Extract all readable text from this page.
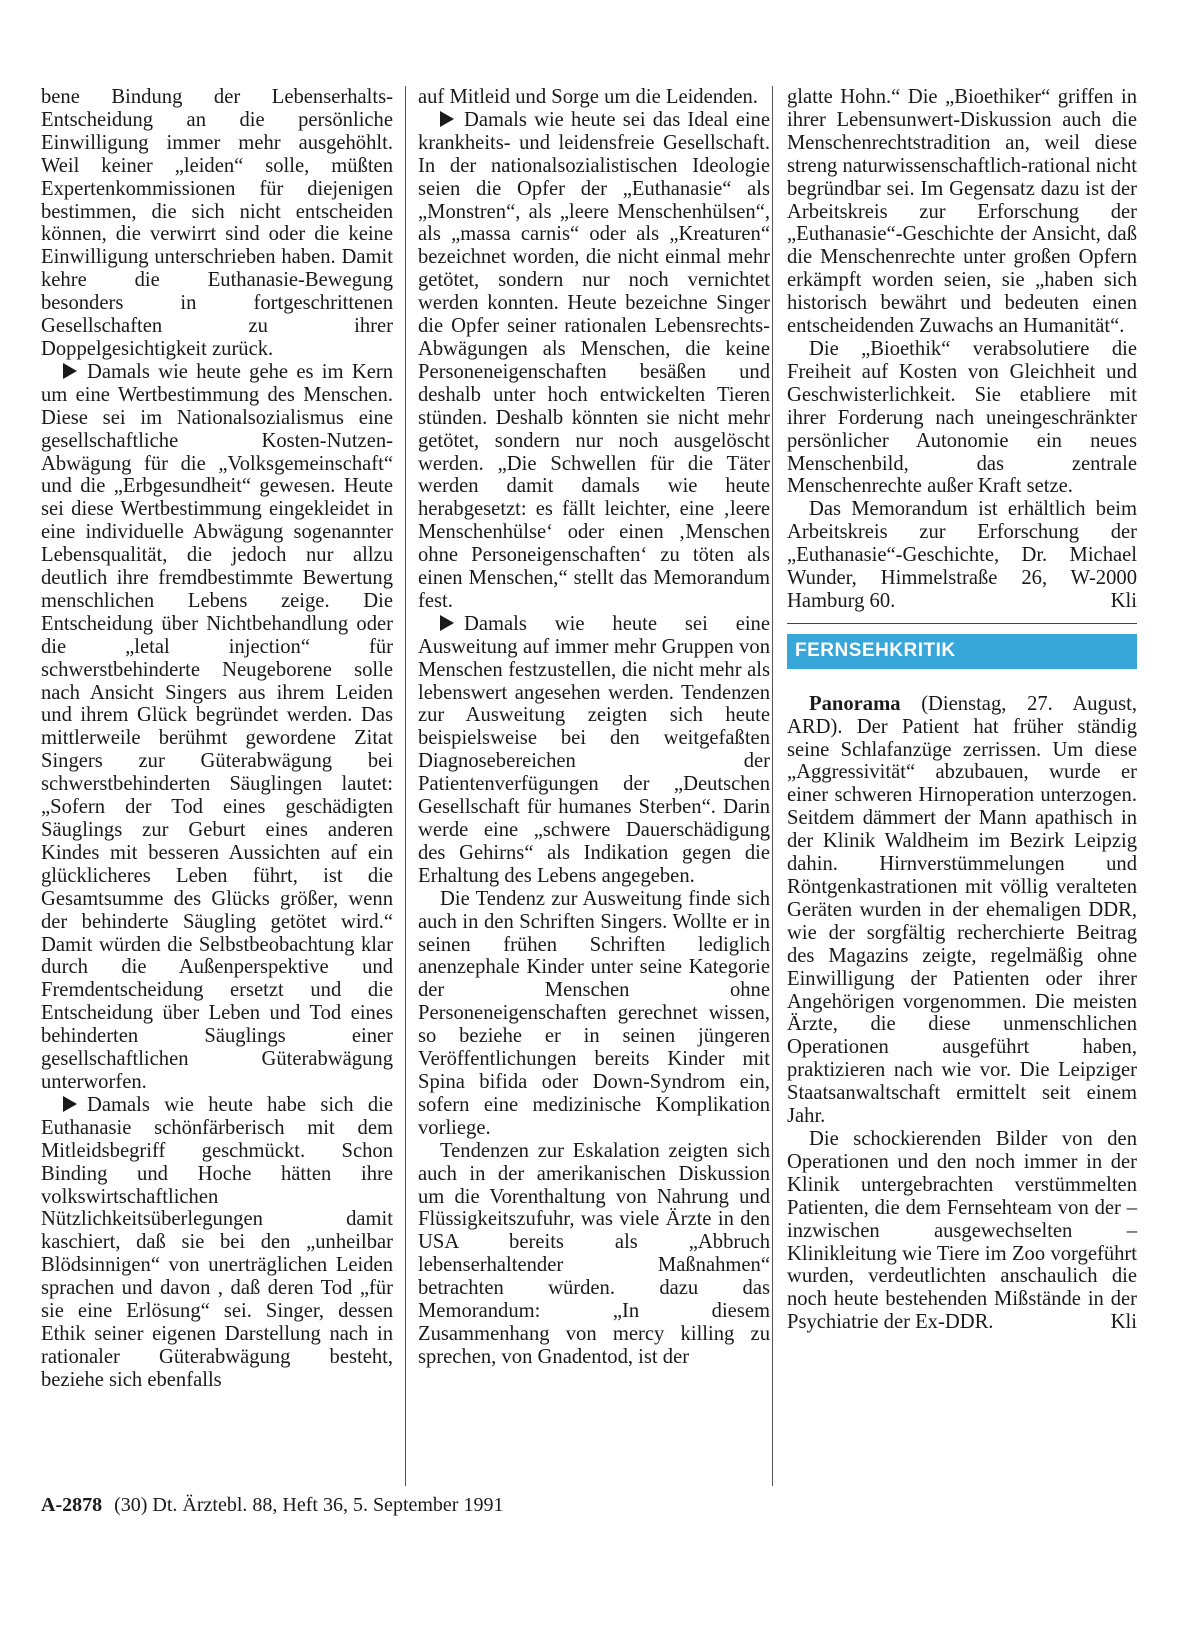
bene Bindung der Lebenserhalts-Entscheidung an die persönliche Einwilligung immer mehr ausgehöhlt. Weil keiner „leiden“ solle, müßten Expertenkommissionen für diejenigen bestimmen, die sich nicht entscheiden können, die verwirrt sind oder die keine Einwilligung unterschrieben haben. Damit kehre die Euthanasie-Bewegung besonders in fortgeschrittenen Gesellschaften zu ihrer Doppelgesichtigkeit zurück.

Damals wie heute gehe es im Kern um eine Wertbestimmung des Menschen. Diese sei im Nationalsozialismus eine gesellschaftliche Kosten-Nutzen-Abwägung für die „Volksgemeinschaft“ und die „Erbgesundheit“ gewesen. Heute sei diese Wertbestimmung eingekleidet in eine individuelle Abwägung sogenannter Lebensqualität, die jedoch nur allzu deutlich ihre fremdbestimmte Bewertung menschlichen Lebens zeige. Die Entscheidung über Nichtbehandlung oder die „letal injection“ für schwerstbehinderte Neugeborene solle nach Ansicht Singers aus ihrem Leiden und ihrem Glück begründet werden. Das mittlerweile berühmt gewordene Zitat Singers zur Güterabwägung bei schwerstbehinderten Säuglingen lautet: „Sofern der Tod eines geschädigten Säuglings zur Geburt eines anderen Kindes mit besseren Aussichten auf ein glücklicheres Leben führt, ist die Gesamtsumme des Glücks größer, wenn der behinderte Säugling getötet wird.“ Damit würden die Selbstbeobachtung klar durch die Außenperspektive und Fremdentscheidung ersetzt und die Entscheidung über Leben und Tod eines behinderten Säuglings einer gesellschaftlichen Güterabwägung unterworfen.

Damals wie heute habe sich die Euthanasie schönfärberisch mit dem Mitleidsbegriff geschmückt. Schon Binding und Hoche hätten ihre volkswirtschaftlichen Nützlichkeitsüberlegungen damit kaschiert, daß sie bei den „unheilbar Blödsinnigen“ von unerträglichen Leiden sprachen und davon , daß deren Tod „für sie eine Erlösung“ sei. Singer, dessen Ethik seiner eigenen Darstellung nach in rationaler Güterabwägung besteht, beziehe sich ebenfalls

auf Mitleid und Sorge um die Leidenden.

Damals wie heute sei das Ideal eine krankheits- und leidensfreie Gesellschaft. In der nationalsozialistischen Ideologie seien die Opfer der „Euthanasie“ als „Monstren“, als „leere Menschenhülsen“, als „massa carnis“ oder als „Kreaturen“ bezeichnet worden, die nicht einmal mehr getötet, sondern nur noch vernichtet werden konnten. Heute bezeichne Singer die Opfer seiner rationalen Lebensrechts-Abwägungen als Menschen, die keine Personeneigenschaften besäßen und deshalb unter hoch entwickelten Tieren stünden. Deshalb könnten sie nicht mehr getötet, sondern nur noch ausgelöscht werden. „Die Schwellen für die Täter werden damit damals wie heute herabgesetzt: es fällt leichter, eine ‚leere Menschenhülse‘ oder einen ‚Menschen ohne Personeigenschaften‘ zu töten als einen Menschen,“ stellt das Memorandum fest.

Damals wie heute sei eine Ausweitung auf immer mehr Gruppen von Menschen festzustellen, die nicht mehr als lebenswert angesehen werden. Tendenzen zur Ausweitung zeigten sich heute beispielsweise bei den weitgefaßten Diagnosebereichen der Patientenverfügungen der „Deutschen Gesellschaft für humanes Sterben“. Darin werde eine „schwere Dauerschädigung des Gehirns“ als Indikation gegen die Erhaltung des Lebens angegeben.

Die Tendenz zur Ausweitung finde sich auch in den Schriften Singers. Wollte er in seinen frühen Schriften lediglich anenzephale Kinder unter seine Kategorie der Menschen ohne Personeneigenschaften gerechnet wissen, so beziehe er in seinen jüngeren Veröffentlichungen bereits Kinder mit Spina bifida oder Down-Syndrom ein, sofern eine medizinische Komplikation vorliege.

Tendenzen zur Eskalation zeigten sich auch in der amerikanischen Diskussion um die Vorenthaltung von Nahrung und Flüssigkeitszufuhr, was viele Ärzte in den USA bereits als „Abbruch lebenserhaltender Maßnahmen“ betrachten würden. dazu das Memorandum: „In diesem Zusammenhang von mercy killing zu sprechen, von Gnadentod, ist der

glatte Hohn.“ Die „Bioethiker“ griffen in ihrer Lebensunwert-Diskussion auch die Menschenrechtstradition an, weil diese streng naturwissenschaftlich-rational nicht begründbar sei. Im Gegensatz dazu ist der Arbeitskreis zur Erforschung der „Euthanasie“-Geschichte der Ansicht, daß die Menschenrechte unter großen Opfern erkämpft worden seien, sie „haben sich historisch bewährt und bedeuten einen entscheidenden Zuwachs an Humanität“.

Die „Bioethik“ verabsolutiere die Freiheit auf Kosten von Gleichheit und Geschwisterlichkeit. Sie etabliere mit ihrer Forderung nach uneingeschränkter persönlicher Autonomie ein neues Menschenbild, das zentrale Menschenrechte außer Kraft setze.

Das Memorandum ist erhältlich beim Arbeitskreis zur Erforschung der „Euthanasie“-Geschichte, Dr. Michael Wunder, Himmelstraße 26, W-2000 Hamburg 60.	Kli

FERNSEHKRITIK

Panorama (Dienstag, 27. August, ARD). Der Patient hat früher ständig seine Schlafanzüge zerrissen. Um diese „Aggressivität“ abzubauen, wurde er einer schweren Hirnoperation unterzogen. Seitdem dämmert der Mann apathisch in der Klinik Waldheim im Bezirk Leipzig dahin. Hirnverstümmelungen und Röntgenkastrationen mit völlig veralteten Geräten wurden in der ehemaligen DDR, wie der sorgfältig recherchierte Beitrag des Magazins zeigte, regelmäßig ohne Einwilligung der Patienten oder ihrer Angehörigen vorgenommen. Die meisten Ärzte, die diese unmenschlichen Operationen ausgeführt haben, praktizieren nach wie vor. Die Leipziger Staatsanwaltschaft ermittelt seit einem Jahr.

Die schockierenden Bilder von den Operationen und den noch immer in der Klinik untergebrachten verstümmelten Patienten, die dem Fernsehteam von der – inzwischen ausgewechselten – Klinikleitung wie Tiere im Zoo vorgeführt wurden, verdeutlichten anschaulich die noch heute bestehenden Mißstände in der Psychiatrie der Ex-DDR.	Kli

A-2878 (30) Dt. Ärztebl. 88, Heft 36, 5. September 1991
